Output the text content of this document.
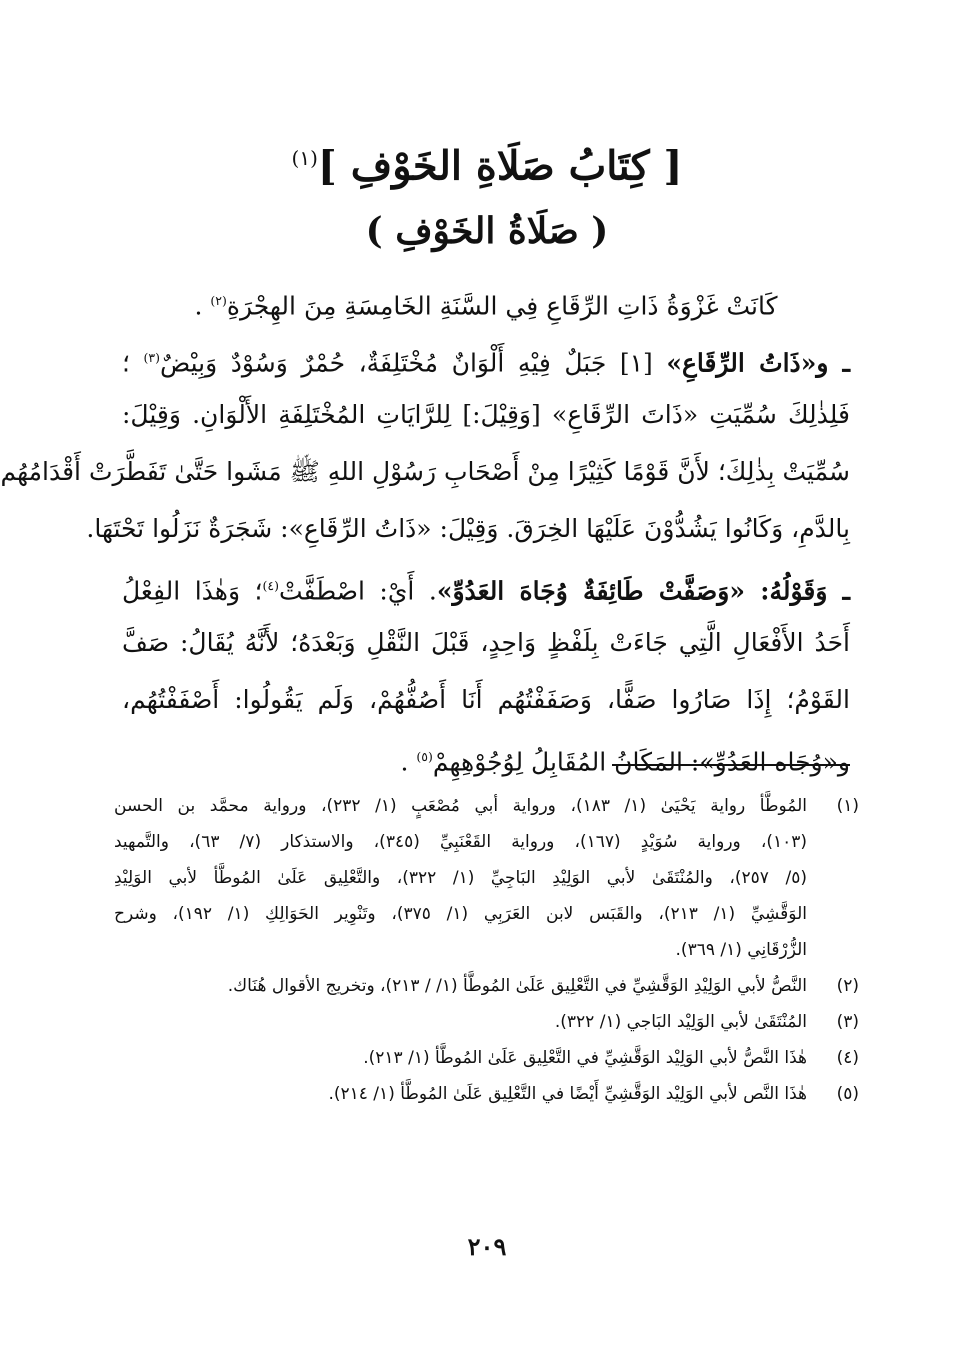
[ كِتَابُ صَلَاةِ الخَوْفِ ]$^{(١)}$
( صَلَاةُ الخَوْفِ )
كَانَتْ غَزْوَةُ ذَاتِ الرِّقَاعِ فِي السَّنَةِ الخَامِسَةِ مِنَ الهِجْرَةِ$^{(٢)}$ .
ـ و«ذَاتُ الرِّقَاعِ» [١] جَبَلٌ فِيْهِ أَلْوَانٌ مُخْتَلِفَةٌ، حُمْرٌ وَسُوْدٌ وَبِيْضٌ$^{(٣)}$ ؛
فَلِذٰلِكَ سُمِّيَتِ «ذَاتَ الرِّقَاعِ» [وَقِيْلَ:] لِلرَّايَاتِ المُخْتَلِفَةِ الأَلْوَانِ. وَقِيْلَ:
سُمِّيَتْ بِذٰلِكَ؛ لأَنَّ قَوْمًا كَثِيْرًا مِنْ أَصْحَابِ رَسُوْلِ اللهِ ﷺ مَشَوا حَتَّىٰ تَفَطَّرَتْ أَقْدَامُهُم
بِالدَّمِ، وَكَانُوا يَشُدُّوْنَ عَلَيْهَا الخِرَقَ. وَقِيْلَ: «ذَاتُ الرِّقَاعِ»: شَجَرَةٌ نَزَلُوا تَحْتَهَا.
ـ وَقَوْلُهُ: «وَصَفَّتْ طَائِفَةٌ وُجَاهَ العَدُوِّ». أَيْ: اصْطَفَّتْ$^{(٤)}$؛ وَهٰذَا الفِعْلُ
أَحَدُ الأَفْعَالِ الَّتِي جَاءَتْ بِلَفْظٍ وَاحِدٍ، قَبْلَ النَّقْلِ وَبَعْدَهُ؛ لأَنَّهُ يُقَالُ: صَفَّ
القَوْمُ؛ إِذَا صَارُوا صَفًّا، وَصَفَفْتُهُم أَنَا أَصُفُّهُمْ، وَلَم يَقُولُوا: أَصْفَفْتُهُم،
و«وُجَاه العَدُوِّ»: المَكَانُ المُقَابِلُ لِوُجُوْهِهِمْ$^{(٥)}$ .
(١)
المُوطَّأ رواية يَحْيَىٰ (١/ ١٨٣)، ورواية أبي مُصْعَبٍ (١/ ٢٣٢)، ورواية محمَّد بن الحسن
(١٠٣)، ورواية سُوَيْدٍ (١٦٧)، ورواية القَعْنَبِيِّ (٣٤٥)، والاستذكار (٧/ ٦٣)، والتَّمهيد
(٥/ ٢٥٧)، والمُنْتَقَىٰ لأبي الوَلِيْدِ البَاجِيِّ (١/ ٣٢٢)، والتَّعْلِيق عَلَىٰ المُوطَّأ لأبي الوَلِيْدِ
الوَقَّشِيِّ (١/ ٢١٣)، والقَبَس لابن العَرَبِي (١/ ٣٧٥)، وتَنْوِير الحَوَالِكِ (١/ ١٩٢)، وشرح
الزُّرْقَانِي (١/ ٣٦٩).
(٢)
النَّصُّ لأبي الوَلِيْدِ الوَقَّشِيِّ في التَّعْلِيق عَلَىٰ المُوطَّأ (١/ / ٢١٣)، وتخريج الأقوال هُنَاك.
(٣)
المُنْتَقَىٰ لأبي الوَلِيْد البَاجي (١/ ٣٢٢).
(٤)
هٰذَا النَّصُّ لأبي الوَلِيْد الوَقَّشِيِّ في التَّعْلِيق عَلَىٰ المُوطَّأ (١/ ٢١٣).
(٥)
هٰذَا النَّص لأبي الوَلِيْد الوَقَّشِيِّ أَيْضًا في التَّعْلِيق عَلَىٰ المُوطَّأ (١/ ٢١٤).
٢٠٩
